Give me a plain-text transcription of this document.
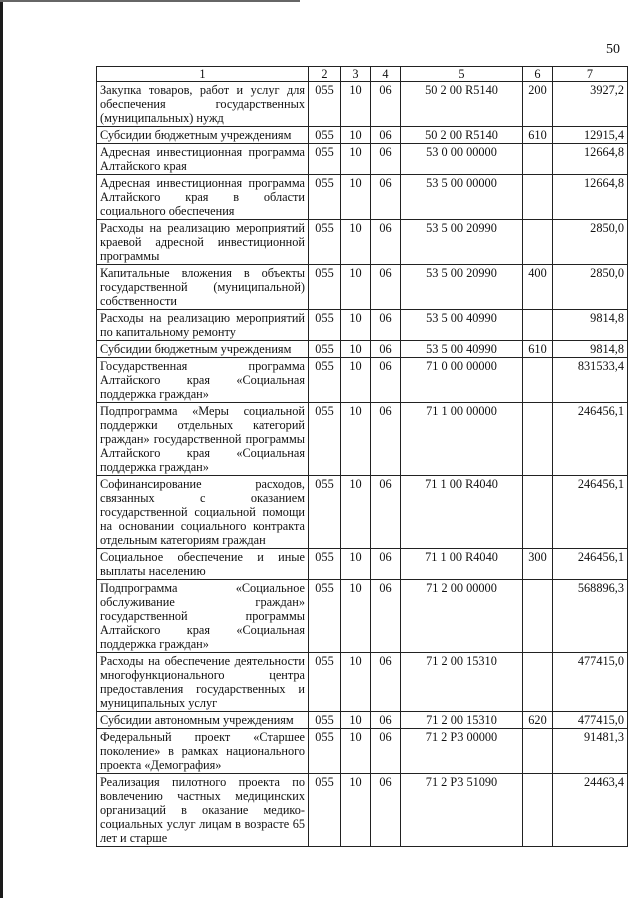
50
1	2	3	4	5	6	7
Закупка товаров, работ и услуг для обеспечения государственных (муниципальных) нужд	055	10	06	50 2 00 R5140	200	3927,2
Субсидии бюджетным учреждениям	055	10	06	50 2 00 R5140	610	12915,4
Адресная инвестиционная программа Алтайского края	055	10	06	53 0 00 00000		12664,8
Адресная инвестиционная программа Алтайского края в области социального обеспечения	055	10	06	53 5 00 00000		12664,8
Расходы на реализацию мероприятий краевой адресной инвестиционной программы	055	10	06	53 5 00 20990		2850,0
Капитальные вложения в объекты государственной (муниципальной) собственности	055	10	06	53 5 00 20990	400	2850,0
Расходы на реализацию мероприятий по капитальному ремонту	055	10	06	53 5 00 40990		9814,8
Субсидии бюджетным учреждениям	055	10	06	53 5 00 40990	610	9814,8
Государственная программа Алтайского края «Социальная поддержка граждан»	055	10	06	71 0 00 00000		831533,4
Подпрограмма «Меры социальной поддержки отдельных категорий граждан» государственной программы Алтайского края «Социальная поддержка граждан»	055	10	06	71 1 00 00000		246456,1
Софинансирование расходов, связанных с оказанием государственной социальной помощи на основании социального контракта отдельным категориям граждан	055	10	06	71 1 00 R4040		246456,1
Социальное обеспечение и иные выплаты населению	055	10	06	71 1 00 R4040	300	246456,1
Подпрограмма «Социальное обслуживание граждан» государственной программы Алтайского края «Социальная поддержка граждан»	055	10	06	71 2 00 00000		568896,3
Расходы на обеспечение деятельности многофункционального центра предоставления государственных и муниципальных услуг	055	10	06	71 2 00 15310		477415,0
Субсидии автономным учреждениям	055	10	06	71 2 00 15310	620	477415,0
Федеральный проект «Старшее поколение» в рамках национального проекта «Демография»	055	10	06	71 2 P3 00000		91481,3
Реализация пилотного проекта по вовлечению частных медицинских организаций в оказание медико-социальных услуг лицам в возрасте 65 лет и старше	055	10	06	71 2 P3 51090		24463,4
